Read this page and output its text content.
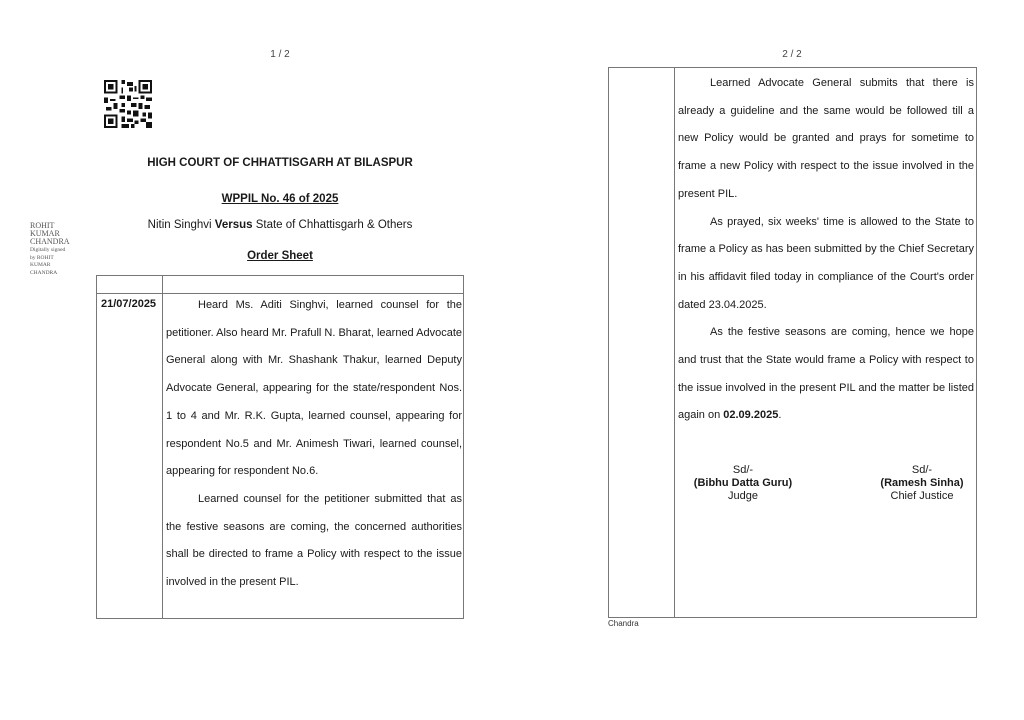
1 / 2	2 / 2
HIGH COURT OF CHHATTISGARH AT BILASPUR
WPPIL No. 46 of 2025
Nitin Singhvi Versus State of Chhattisgarh & Others
Order Sheet
ROHIT
KUMAR
CHANDRA
Digitally signed
by ROHIT
KUMAR
CHANDRA
21/07/2025	Heard Ms. Aditi Singhvi, learned counsel for the petitioner. Also heard Mr. Prafull N. Bharat, learned Advocate General along with Mr. Shashank Thakur, learned Deputy Advocate General, appearing for the state/respondent Nos. 1 to 4 and Mr. R.K. Gupta, learned counsel, appearing for respondent No.5 and Mr. Animesh Tiwari, learned counsel, appearing for respondent No.6.

Learned counsel for the petitioner submitted that as the festive seasons are coming, the concerned authorities shall be directed to frame a Policy with respect to the issue involved in the present PIL.

Learned Advocate General submits that there is already a guideline and the same would be followed till a new Policy would be granted and prays for sometime to frame a new Policy with respect to the issue involved in the present PIL.

As prayed, six weeks' time is allowed to the State to frame a Policy as has been submitted by the Chief Secretary in his affidavit filed today in compliance of the Court's order dated 23.04.2025.

As the festive seasons are coming, hence we hope and trust that the State would frame a Policy with respect to the issue involved in the present PIL and the matter be listed again on 02.09.2025.

Sd/-
(Bibhu Datta Guru)
Judge
Sd/-
(Ramesh Sinha)
Chief Justice
Chandra
